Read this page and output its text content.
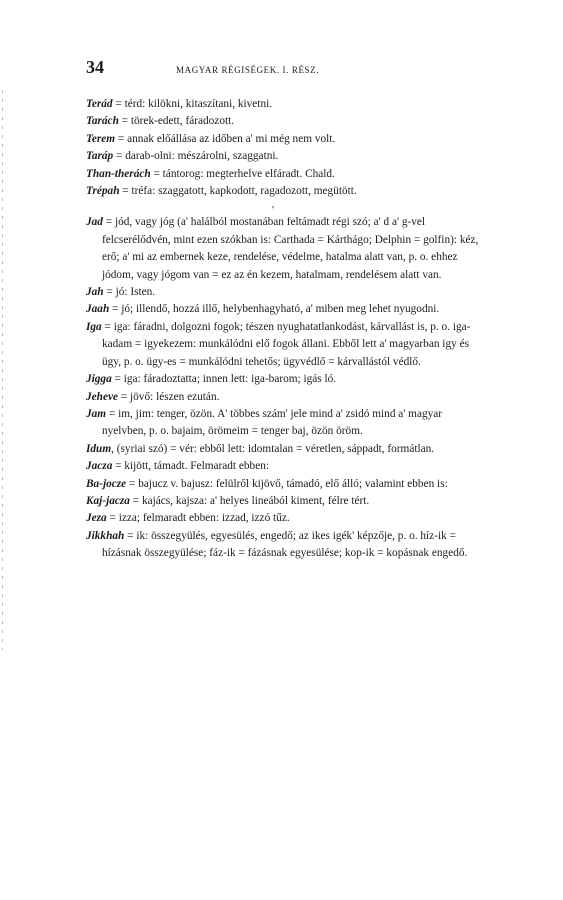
34	MAGYAR RÉGISÉGEK. I. RÉSZ.

Terád = térd: kilökni, kitaszítani, kivetni.

Tarách = törek-edett, fáradozott.

Terem = annak előállása az időben a' mi még nem volt.

Taráp = darab-olni: mészárolni, szaggatni.

Than-therách = tántorog: megterhelve elfáradt. Chald.

Trépah = tréfa: szaggatott, kapkodott, ragadozott, megütött.

'

Jad = jód, vagy jóg (a' halálból mostanában feltámadt régi szó; a' d a' g-vel felcserélődvén, mint ezen szókban is: Carthada = Kárthágo; Delphin = golfin): kéz, erő; a' mi az embernek keze, rendelése, védelme, hatalma alatt van, p. o. ehhez jódom, vagy jógom van = ez az én kezem, hatalmam, rendelésem alatt van.

Jah = jó: Isten.

Jaah = jó; illendő, hozzá illő, helybenhagyható, a' miben meg lehet nyugodni.

Iga = iga: fáradni, dolgozni fogok; tészen nyughatatlankodást, kárvallást is, p. o. iga-kadam = igyekezem: munkálódni elő fogok állani. Ebből lett a' magyarban igy és ügy, p. o. ügy-es = munkálódni tehetős; ügyvédlő = kárvallástól védlő.

Jigga = iga: fáradoztatta; innen lett: iga-barom; igás ló.

Jeheve = jövő: lészen ezután.

Jam = im, jim: tenger, özön. A' többes szám' jele mind a' zsidó mind a' magyar nyelvben, p. o. bajaim, örömeim = tenger baj, özön öröm.

Idum, (syriai szó) = vér: ebből lett: idomtalan = véretlen, sáppadt, formátlan.

Jacza = kijött, támadt. Felmaradt ebben:

Ba-jocze = bajucz v. bajusz: felülről kijövő, támadó, elő álló; valamint ebben is:

Kaj-jacza = kajács, kajsza: a' helyes lineából kiment, félre tért.

Jeza = izza; felmaradt ebben: izzad, izzó tűz.

Jikkhah = ik: összegyülés, egyesülés, engedő; az ikes igék' képzője, p. o. híz-ik = hízásnak összegyülése; fáz-ik = fázásnak egyesülése; kop-ik = kopásnak engedő.
